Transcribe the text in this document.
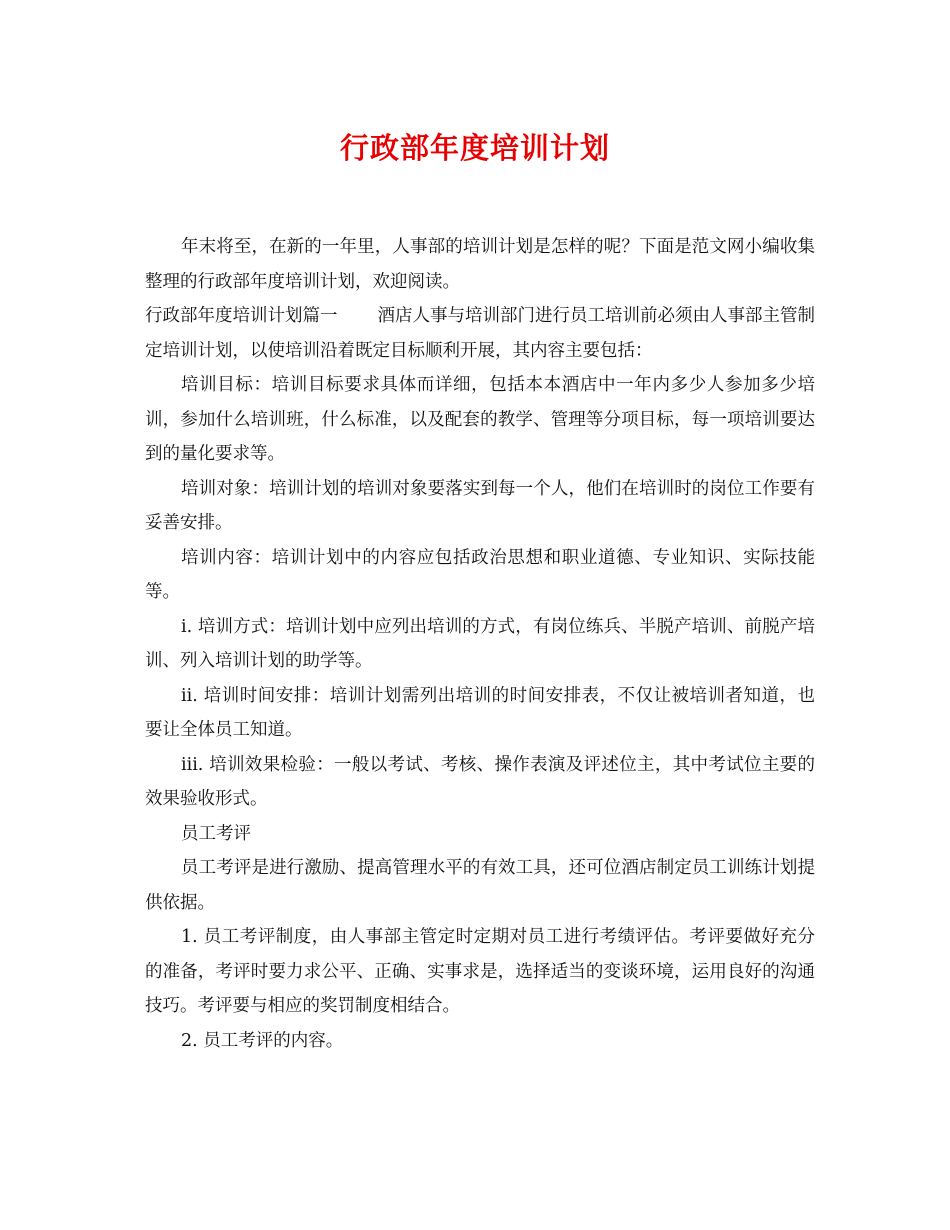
行政部年度培训计划

年末将至，在新的一年里，人事部的培训计划是怎样的呢？下面是范文网小编收集整理的行政部年度培训计划，欢迎阅读。

行政部年度培训计划篇一 酒店人事与培训部门进行员工培训前必须由人事部主管制定培训计划，以使培训沿着既定目标顺利开展，其内容主要包括：

培训目标：培训目标要求具体而详细，包括本本酒店中一年内多少人参加多少培训，参加什么培训班，什么标准，以及配套的教学、管理等分项目标，每一项培训要达到的量化要求等。

培训对象：培训计划的培训对象要落实到每一个人，他们在培训时的岗位工作要有妥善安排。

培训内容：培训计划中的内容应包括政治思想和职业道德、专业知识、实际技能等。

i. 培训方式：培训计划中应列出培训的方式，有岗位练兵、半脱产培训、前脱产培训、列入培训计划的助学等。

ii. 培训时间安排：培训计划需列出培训的时间安排表，不仅让被培训者知道，也要让全体员工知道。

iii. 培训效果检验：一般以考试、考核、操作表演及评述位主，其中考试位主要的效果验收形式。

员工考评

员工考评是进行激励、提高管理水平的有效工具，还可位酒店制定员工训练计划提供依据。

1. 员工考评制度，由人事部主管定时定期对员工进行考绩评估。考评要做好充分的准备，考评时要力求公平、正确、实事求是，选择适当的变谈环境，运用良好的沟通技巧。考评要与相应的奖罚制度相结合。

2. 员工考评的内容。
